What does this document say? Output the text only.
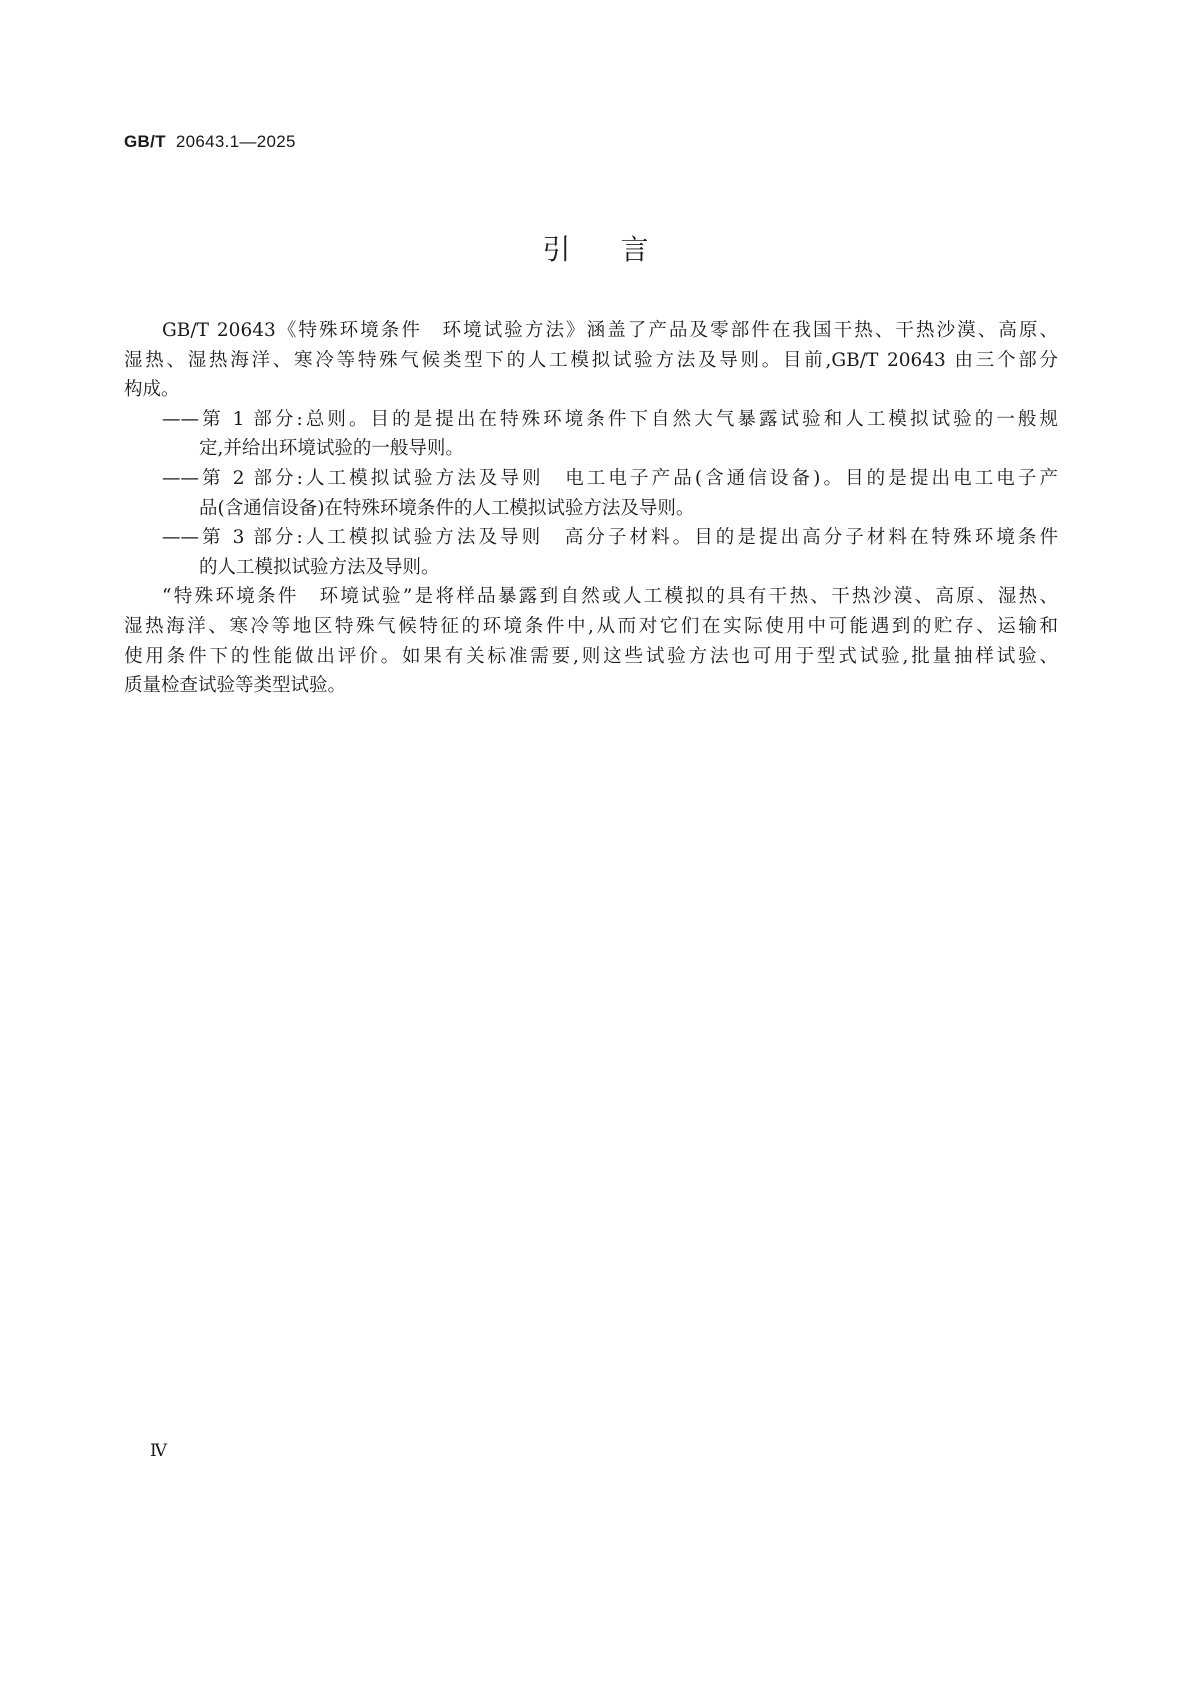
GB/T 20643.1—2025
引言
GB/T 20643《特殊环境条件　环境试验方法》涵盖了产品及零部件在我国干热、干热沙漠、高原、
湿热、湿热海洋、寒冷等特殊气候类型下的人工模拟试验方法及导则。目前,GB/T 20643 由三个部分
构成。
——第 1 部分:总则。目的是提出在特殊环境条件下自然大气暴露试验和人工模拟试验的一般规
定,并给出环境试验的一般导则。
——第 2 部分:人工模拟试验方法及导则　电工电子产品(含通信设备)。目的是提出电工电子产
品(含通信设备)在特殊环境条件的人工模拟试验方法及导则。
——第 3 部分:人工模拟试验方法及导则　高分子材料。目的是提出高分子材料在特殊环境条件
的人工模拟试验方法及导则。
“特殊环境条件　环境试验”是将样品暴露到自然或人工模拟的具有干热、干热沙漠、高原、湿热、
湿热海洋、寒冷等地区特殊气候特征的环境条件中,从而对它们在实际使用中可能遇到的贮存、运输和
使用条件下的性能做出评价。如果有关标准需要,则这些试验方法也可用于型式试验,批量抽样试验、
质量检查试验等类型试验。
Ⅳ
